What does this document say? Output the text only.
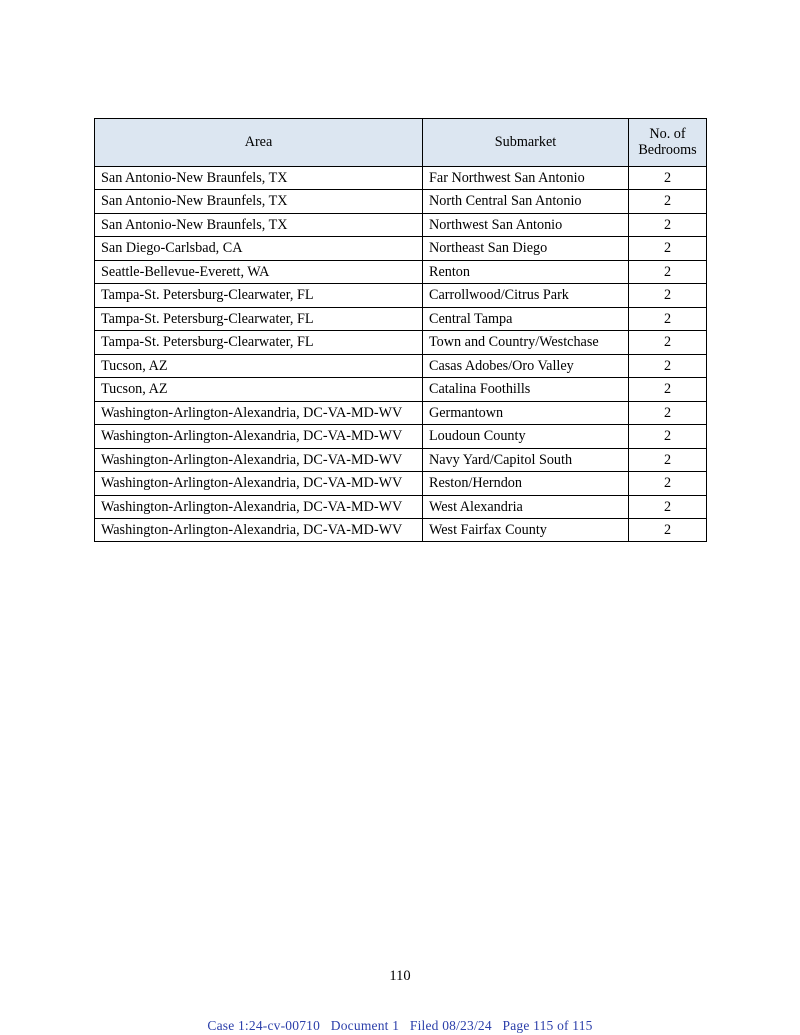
Area	Submarket	No. of Bedrooms
San Antonio-New Braunfels, TX	Far Northwest San Antonio	2
San Antonio-New Braunfels, TX	North Central San Antonio	2
San Antonio-New Braunfels, TX	Northwest San Antonio	2
San Diego-Carlsbad, CA	Northeast San Diego	2
Seattle-Bellevue-Everett, WA	Renton	2
Tampa-St. Petersburg-Clearwater, FL	Carrollwood/Citrus Park	2
Tampa-St. Petersburg-Clearwater, FL	Central Tampa	2
Tampa-St. Petersburg-Clearwater, FL	Town and Country/Westchase	2
Tucson, AZ	Casas Adobes/Oro Valley	2
Tucson, AZ	Catalina Foothills	2
Washington-Arlington-Alexandria, DC-VA-MD-WV	Germantown	2
Washington-Arlington-Alexandria, DC-VA-MD-WV	Loudoun County	2
Washington-Arlington-Alexandria, DC-VA-MD-WV	Navy Yard/Capitol South	2
Washington-Arlington-Alexandria, DC-VA-MD-WV	Reston/Herndon	2
Washington-Arlington-Alexandria, DC-VA-MD-WV	West Alexandria	2
Washington-Arlington-Alexandria, DC-VA-MD-WV	West Fairfax County	2
110
Case 1:24-cv-00710   Document 1   Filed 08/23/24   Page 115 of 115
